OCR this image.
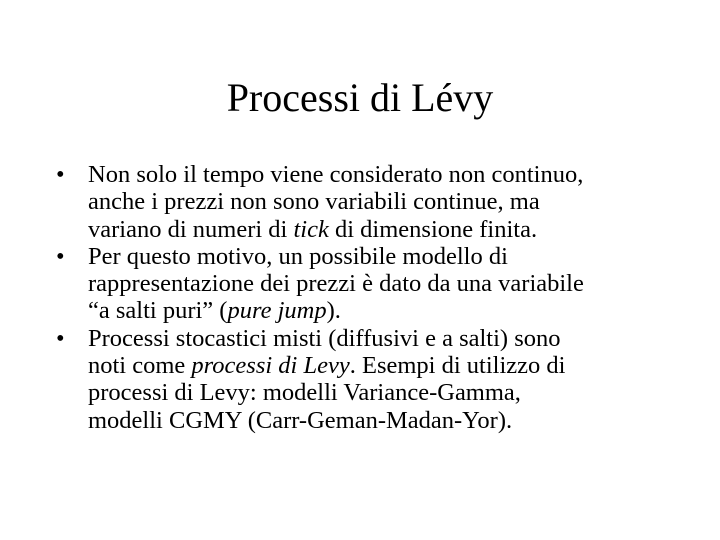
Processi di Lévy
• Non solo il tempo viene considerato non continuo,
anche i prezzi non sono variabili continue, ma
variano di numeri di tick di dimensione finita.
• Per questo motivo, un possibile modello di
rappresentazione dei prezzi è dato da una variabile
“a salti puri” (pure jump).
• Processi stocastici misti (diffusivi e a salti) sono
noti come processi di Levy. Esempi di utilizzo di
processi di Levy: modelli Variance-Gamma,
modelli CGMY (Carr-Geman-Madan-Yor).
